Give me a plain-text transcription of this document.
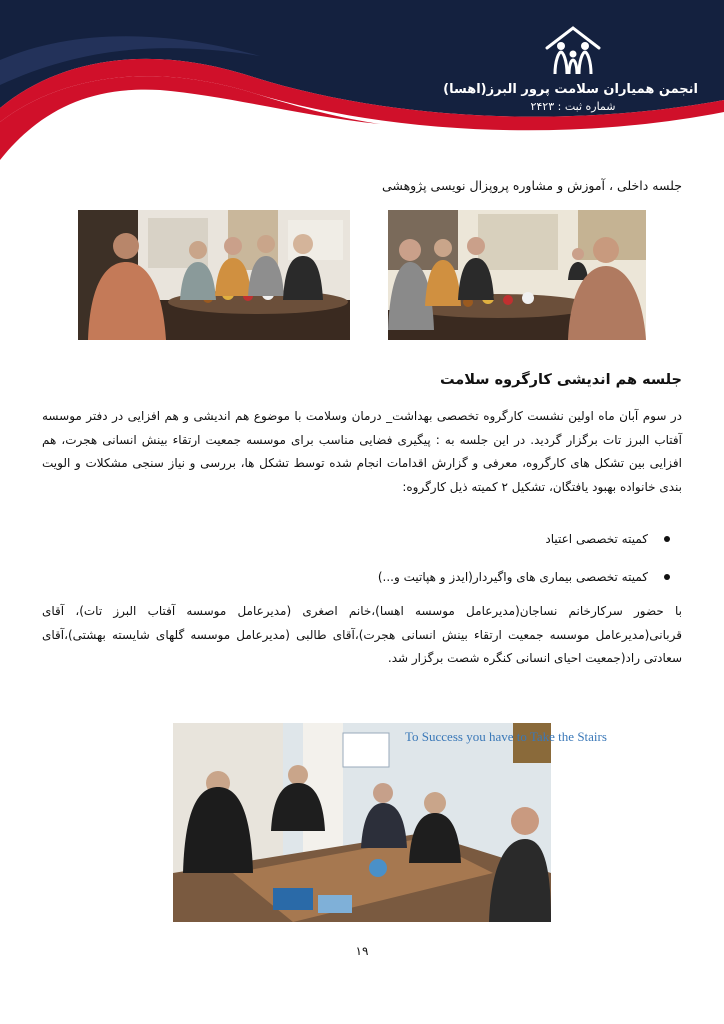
انجمن همیاران سلامت پرور البرز(اهسا)
شماره ثبت : ۲۴۲۳
جلسه داخلی ، آموزش و مشاوره پروپزال نویسی پژوهشی
جلسه هم اندیشی کارگروه سلامت
در سوم آبان ماه اولین نشست کارگروه تخصصی بهداشت_ درمان وسلامت با موضوع هم اندیشی و هم افزایی در دفتر موسسه آفتاب البرز تات برگزار گردید. در این جلسه به : پیگیری فضایی مناسب برای موسسه جمعیت ارتقاء بینش انسانی هجرت، هم افزایی بین تشکل های کارگروه، معرفی و گزارش اقدامات انجام شده توسط تشکل ها، بررسی و نیاز سنجی مشکلات و الویت بندی خانواده بهبود یافتگان، تشکیل ۲ کمیته ذیل کارگروه:
کمیته تخصصی اعتیاد
کمیته تخصصی بیماری های واگیردار(ایدز و هپاتیت و...)
با حضور سرکارخانم نساجان(مدیرعامل موسسه اهسا)،خانم اصغری (مدیرعامل موسسه آفتاب البرز تات)، آقای قربانی(مدیرعامل موسسه جمعیت ارتقاء بینش انسانی هجرت)،آقای طالبی (مدیرعامل موسسه گلهای شایسته بهشتی)،آقای سعادتی راد(جمعیت احیای انسانی کنگره شصت برگزار شد.
To Success you have to Take the Stairs
۱۹
